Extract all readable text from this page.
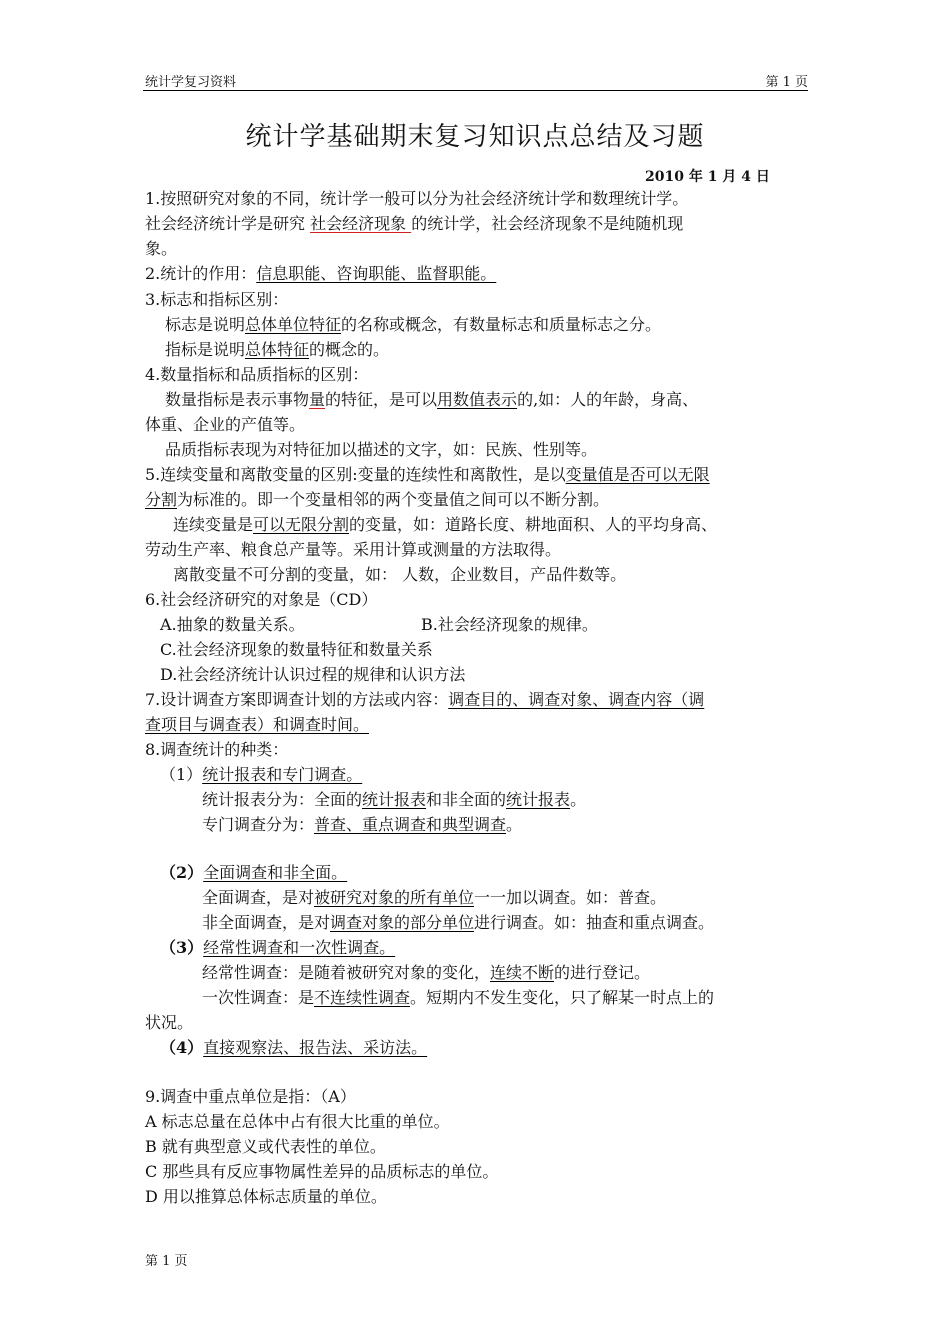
统计学复习资料	第 1 页
统计学基础期末复习知识点总结及习题
2010 年 1 月 4 日
1.按照研究对象的不同，统计学一般可以分为社会经济统计学和数理统计学。
社会经济统计学是研究 社会经济现象 的统计学，社会经济现象不是纯随机现
象。
2.统计的作用：信息职能、咨询职能、监督职能。
3.标志和指标区别：
标志是说明总体单位特征的名称或概念，有数量标志和质量标志之分。
指标是说明总体特征的概念的。
4.数量指标和品质指标的区别：
数量指标是表示事物量的特征，是可以用数值表示的,如：人的年龄，身高、
体重、企业的产值等。
品质指标表现为对特征加以描述的文字，如：民族、性别等。
5.连续变量和离散变量的区别:变量的连续性和离散性，是以变量值是否可以无限
分割为标准的。即一个变量相邻的两个变量值之间可以不断分割。
连续变量是可以无限分割的变量，如：道路长度、耕地面积、人的平均身高、
劳动生产率、粮食总产量等。采用计算或测量的方法取得。
离散变量不可分割的变量，如： 人数，企业数目，产品件数等。
6.社会经济研究的对象是（CD）
A.抽象的数量关系。	B.社会经济现象的规律。
C.社会经济现象的数量特征和数量关系
D.社会经济统计认识过程的规律和认识方法
7.设计调查方案即调查计划的方法或内容：调查目的、调查对象、调查内容（调
查项目与调查表）和调查时间。
8.调查统计的种类：
（1）统计报表和专门调查。
统计报表分为：全面的统计报表和非全面的统计报表。
专门调查分为：普查、重点调查和典型调查。
（2）全面调查和非全面。
全面调查，是对被研究对象的所有单位一一加以调查。如：普查。
非全面调查，是对调查对象的部分单位进行调查。如：抽查和重点调查。
（3）经常性调查和一次性调查。
经常性调查：是随着被研究对象的变化，连续不断的进行登记。
一次性调查：是不连续性调查。短期内不发生变化，只了解某一时点上的
状况。
（4）直接观察法、报告法、采访法。
9.调查中重点单位是指：（A）
A 标志总量在总体中占有很大比重的单位。
B 就有典型意义或代表性的单位。
C 那些具有反应事物属性差异的品质标志的单位。
D 用以推算总体标志质量的单位。
第 1 页
